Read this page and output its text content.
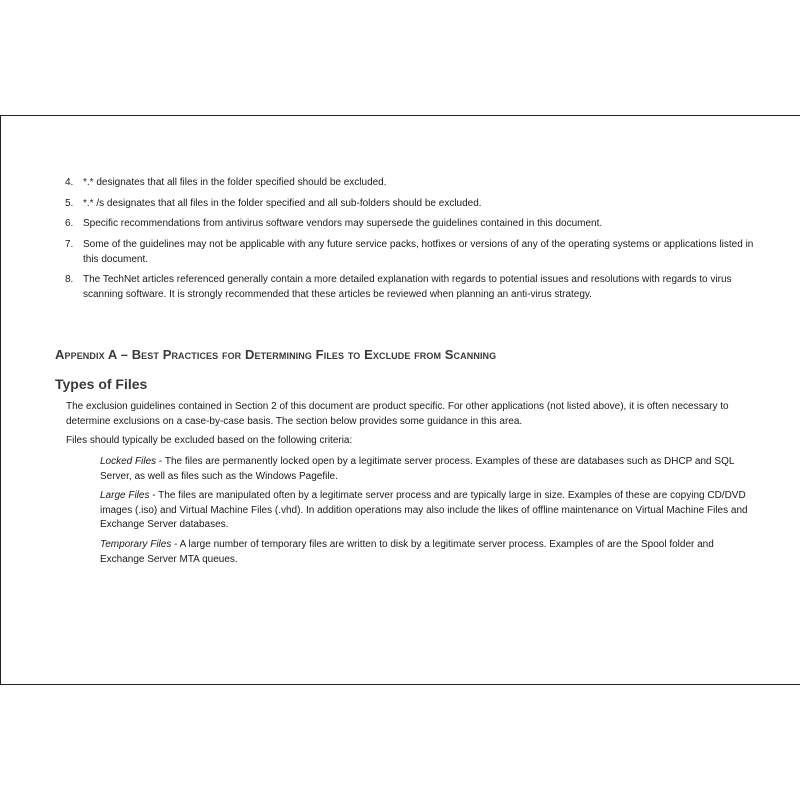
4. *.* designates that all files in the folder specified should be excluded.
5. *.* /s designates that all files in the folder specified and all sub-folders should be excluded.
6. Specific recommendations from antivirus software vendors may supersede the guidelines contained in this document.
7. Some of the guidelines may not be applicable with any future service packs, hotfixes or versions of any of the operating systems or applications listed in this document.
8. The TechNet articles referenced generally contain a more detailed explanation with regards to potential issues and resolutions with regards to virus scanning software. It is strongly recommended that these articles be reviewed when planning an anti-virus strategy.
Appendix A – Best Practices for Determining Files to Exclude from Scanning
Types of Files

The exclusion guidelines contained in Section 2 of this document are product specific. For other applications (not listed above), it is often necessary to determine exclusions on a case-by-case basis. The section below provides some guidance in this area.

Files should typically be excluded based on the following criteria:

Locked Files - The files are permanently locked open by a legitimate server process. Examples of these are databases such as DHCP and SQL Server, as well as files such as the Windows Pagefile.

Large Files - The files are manipulated often by a legitimate server process and are typically large in size. Examples of these are copying CD/DVD images (.iso) and Virtual Machine Files (.vhd). In addition operations may also include the likes of offline maintenance on Virtual Machine Files and Exchange Server databases.

Temporary Files - A large number of temporary files are written to disk by a legitimate server process. Examples of are the Spool folder and Exchange Server MTA queues.
